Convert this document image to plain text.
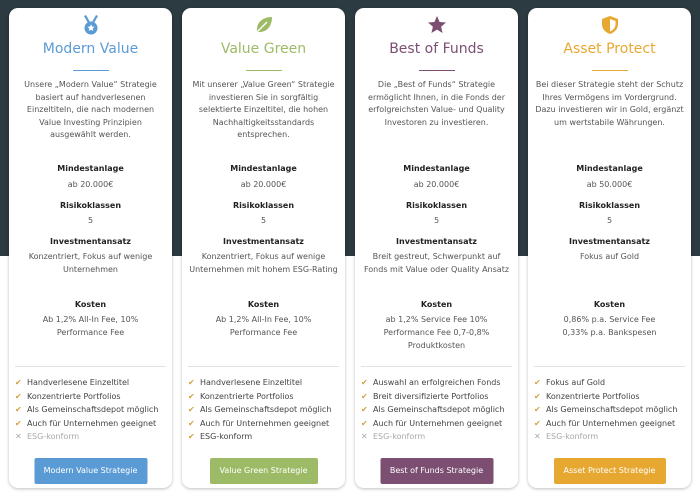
Modern Value
Unsere „Modern Value“ Strategie basiert auf handverlesenen Einzeltiteln, die nach modernen Value Investing Prinzipien ausgewählt werden.
Mindestanlage
ab 20.000€
Risikoklassen
5
Investmentansatz
Konzentriert, Fokus auf wenige Unternehmen
Kosten
Ab 1,2% All-In Fee, 10% Performance Fee
✔ Handverlesene Einzeltitel
✔ Konzentrierte Portfolios
✔ Als Gemeinschaftsdepot möglich
✔ Auch für Unternehmen geeignet
✕ ESG-konform
Modern Value Strategie
Value Green
Mit unserer „Value Green“ Strategie investieren Sie in sorgfältig selektierte Einzeltitel, die hohen Nachhaltigkeitsstandards entsprechen.
Mindestanlage
ab 20.000€
Risikoklassen
5
Investmentansatz
Konzentriert, Fokus auf wenige Unternehmen mit hohem ESG-Rating
Kosten
Ab 1,2% All-In Fee, 10% Performance Fee
✔ Handverlesene Einzeltitel
✔ Konzentrierte Portfolios
✔ Als Gemeinschaftsdepot möglich
✔ Auch für Unternehmen geeignet
✔ ESG-konform
Value Green Strategie
Best of Funds
Die „Best of Funds“ Strategie ermöglicht Ihnen, in die Fonds der erfolgreichsten Value- und Quality Investoren zu investieren.
Mindestanlage
ab 20.000€
Risikoklassen
5
Investmentansatz
Breit gestreut, Schwerpunkt auf Fonds mit Value oder Quality Ansatz
Kosten
ab 1,2% Service Fee 10% Performance Fee 0,7-0,8% Produktkosten
✔ Auswahl an erfolgreichen Fonds
✔ Breit diversifizierte Portfolios
✔ Als Gemeinschaftsdepot möglich
✔ Auch für Unternehmen geeignet
✕ ESG-konform
Best of Funds Strategie
Asset Protect
Bei dieser Strategie steht der Schutz Ihres Vermögens im Vordergrund. Dazu investieren wir in Gold, ergänzt um wertstabile Währungen.
Mindestanlage
ab 50.000€
Risikoklassen
5
Investmentansatz
Fokus auf Gold
Kosten
0,86% p.a. Service Fee 0,33% p.a. Bankspesen
✔ Fokus auf Gold
✔ Konzentrierte Portfolios
✔ Als Gemeinschaftsdepot möglich
✔ Auch für Unternehmen geeignet
✕ ESG-konform
Asset Protect Strategie
